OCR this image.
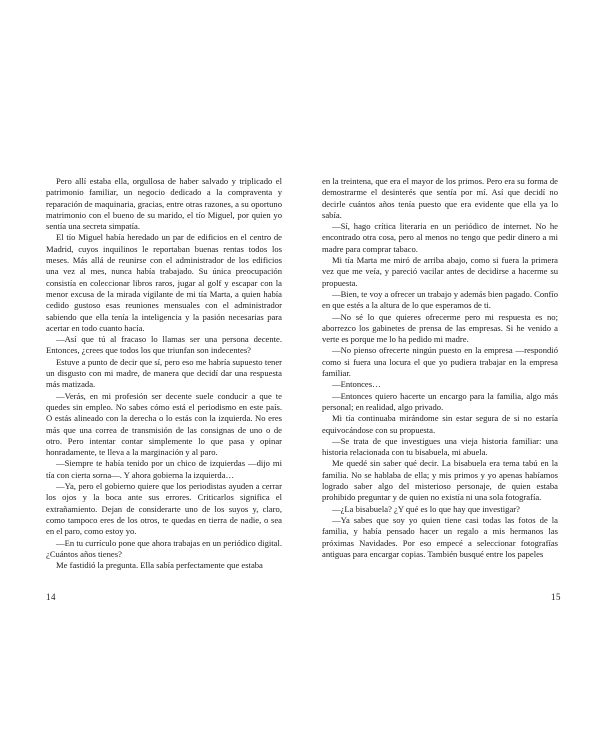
Pero allí estaba ella, orgullosa de haber salvado y triplicado el patrimonio familiar, un negocio dedicado a la compraventa y reparación de maquinaria, gracias, entre otras razones, a su oportuno matrimonio con el bueno de su marido, el tío Miguel, por quien yo sentía una secreta simpatía.

El tío Miguel había heredado un par de edificios en el centro de Madrid, cuyos inquilinos le reportaban buenas rentas todos los meses. Más allá de reunirse con el administrador de los edificios una vez al mes, nunca había trabajado. Su única preocupación consistía en coleccionar libros raros, jugar al golf y escapar con la menor excusa de la mirada vigilante de mi tía Marta, a quien había cedido gustoso esas reuniones mensuales con el administrador sabiendo que ella tenía la inteligencia y la pasión necesarias para acertar en todo cuanto hacía.

—Así que tú al fracaso lo llamas ser una persona decente. Entonces, ¿crees que todos los que triunfan son indecentes?

Estuve a punto de decir que sí, pero eso me habría supuesto tener un disgusto con mi madre, de manera que decidí dar una respuesta más matizada.

—Verás, en mi profesión ser decente suele conducir a que te quedes sin empleo. No sabes cómo está el periodismo en este país. O estás alineado con la derecha o lo estás con la izquierda. No eres más que una correa de transmisión de las consignas de uno o de otro. Pero intentar contar simplemente lo que pasa y opinar honradamente, te lleva a la marginación y al paro.

—Siempre te había tenido por un chico de izquierdas —dijo mi tía con cierta sorna—. Y ahora gobierna la izquierda…

—Ya, pero el gobierno quiere que los periodistas ayuden a cerrar los ojos y la boca ante sus errores. Criticarlos significa el extrañamiento. Dejan de considerarte uno de los suyos y, claro, como tampoco eres de los otros, te quedas en tierra de nadie, o sea en el paro, como estoy yo.

—En tu currículo pone que ahora trabajas en un periódico digital. ¿Cuántos años tienes?

Me fastidió la pregunta. Ella sabía perfectamente que estaba

en la treintena, que era el mayor de los primos. Pero era su forma de demostrarme el desinterés que sentía por mí. Así que decidí no decirle cuántos años tenía puesto que era evidente que ella ya lo sabía.

—Sí, hago crítica literaria en un periódico de internet. No he encontrado otra cosa, pero al menos no tengo que pedir dinero a mi madre para comprar tabaco.

Mi tía Marta me miró de arriba abajo, como si fuera la primera vez que me veía, y pareció vacilar antes de decidirse a hacerme su propuesta.

—Bien, te voy a ofrecer un trabajo y además bien pagado. Confío en que estés a la altura de lo que esperamos de ti.

—No sé lo que quieres ofrecerme pero mi respuesta es no; aborrezco los gabinetes de prensa de las empresas. Si he venido a verte es porque me lo ha pedido mi madre.

—No pienso ofrecerte ningún puesto en la empresa —respondió como si fuera una locura el que yo pudiera trabajar en la empresa familiar.

—Entonces…

—Entonces quiero hacerte un encargo para la familia, algo más personal; en realidad, algo privado.

Mi tía continuaba mirándome sin estar segura de si no estaría equivocándose con su propuesta.

—Se trata de que investigues una vieja historia familiar: una historia relacionada con tu bisabuela, mi abuela.

Me quedé sin saber qué decir. La bisabuela era tema tabú en la familia. No se hablaba de ella; y mis primos y yo apenas habíamos logrado saber algo del misterioso personaje, de quien estaba prohibido preguntar y de quien no existía ni una sola fotografía.

—¿La bisabuela? ¿Y qué es lo que hay que investigar?

—Ya sabes que soy yo quien tiene casi todas las fotos de la familia, y había pensado hacer un regalo a mis hermanos las próximas Navidades. Por eso empecé a seleccionar fotografías antiguas para encargar copias. También busqué entre los papeles

14	15
